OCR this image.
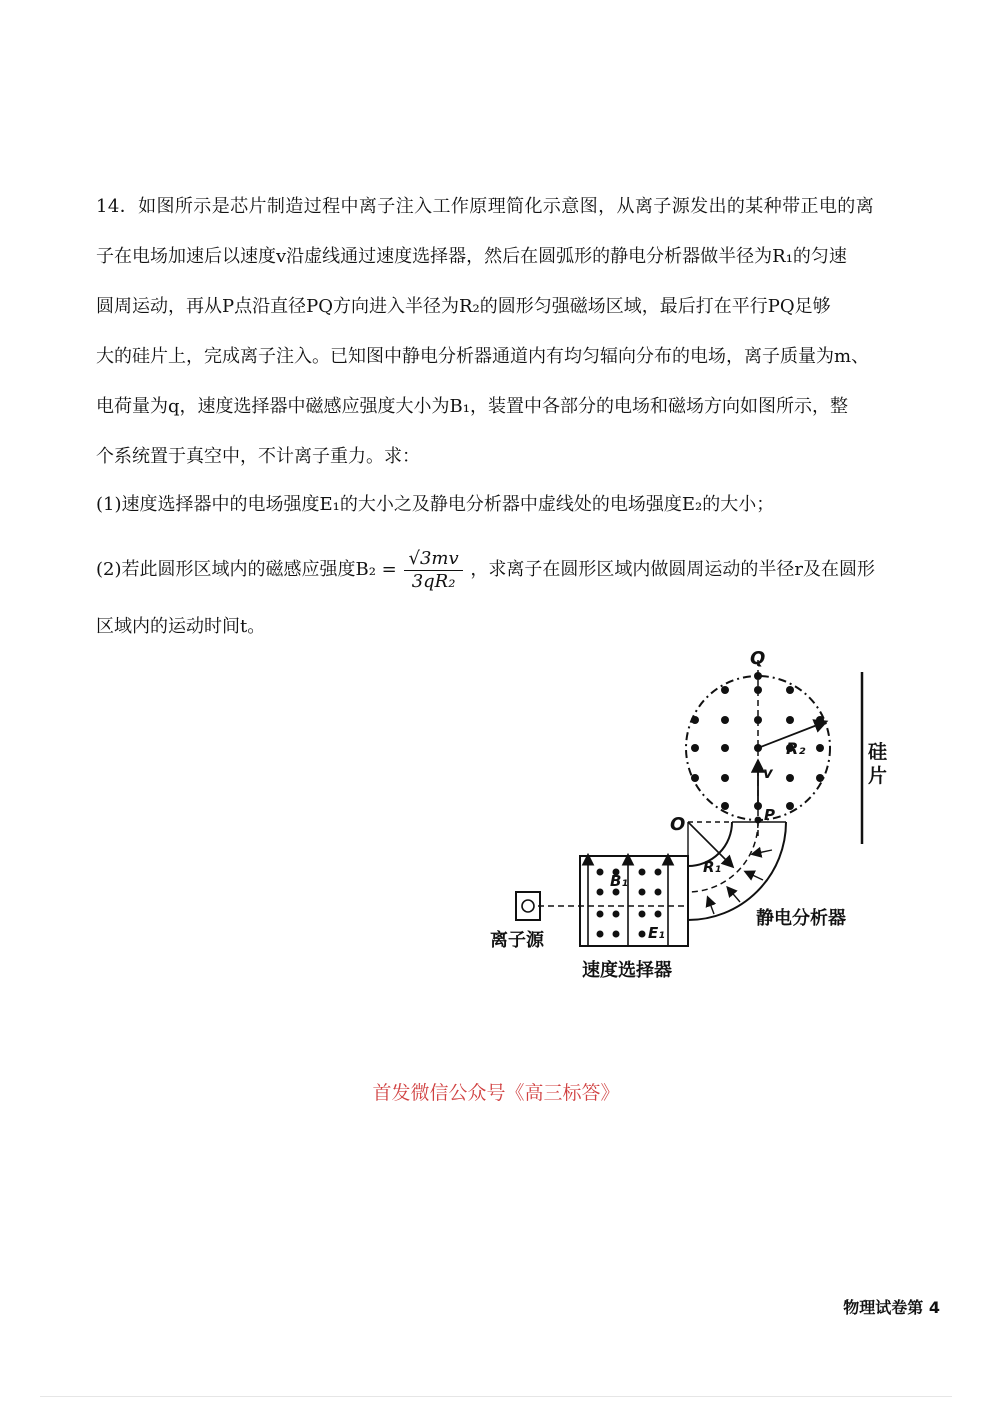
14．如图所示是芯片制造过程中离子注入工作原理简化示意图，从离子源发出的某种带正电的离

子在电场加速后以速度v沿虚线通过速度选择器，然后在圆弧形的静电分析器做半径为R₁的匀速

圆周运动，再从P点沿直径PQ方向进入半径为R₂的圆形匀强磁场区域，最后打在平行PQ足够

大的硅片上，完成离子注入。已知图中静电分析器通道内有均匀辐向分布的电场，离子质量为m、

电荷量为q，速度选择器中磁感应强度大小为B₁，装置中各部分的电场和磁场方向如图所示，整

个系统置于真空中，不计离子重力。求：

(1)速度选择器中的电场强度E₁的大小之及静电分析器中虚线处的电场强度E₂的大小；

(2)若此圆形区域内的磁感应强度$B_2 = \frac{√3mv}{\text{3qR₂}}$ ，求离子在圆形区域内做圆周运动的半径r及在圆形

区域内的运动时间t。

Q
R₂
v
P
硅片
O
R₁
静电分析器
B₁
E₁
速度选择器
离子源
首发微信公众号《高三标答》
物理试卷第 4
